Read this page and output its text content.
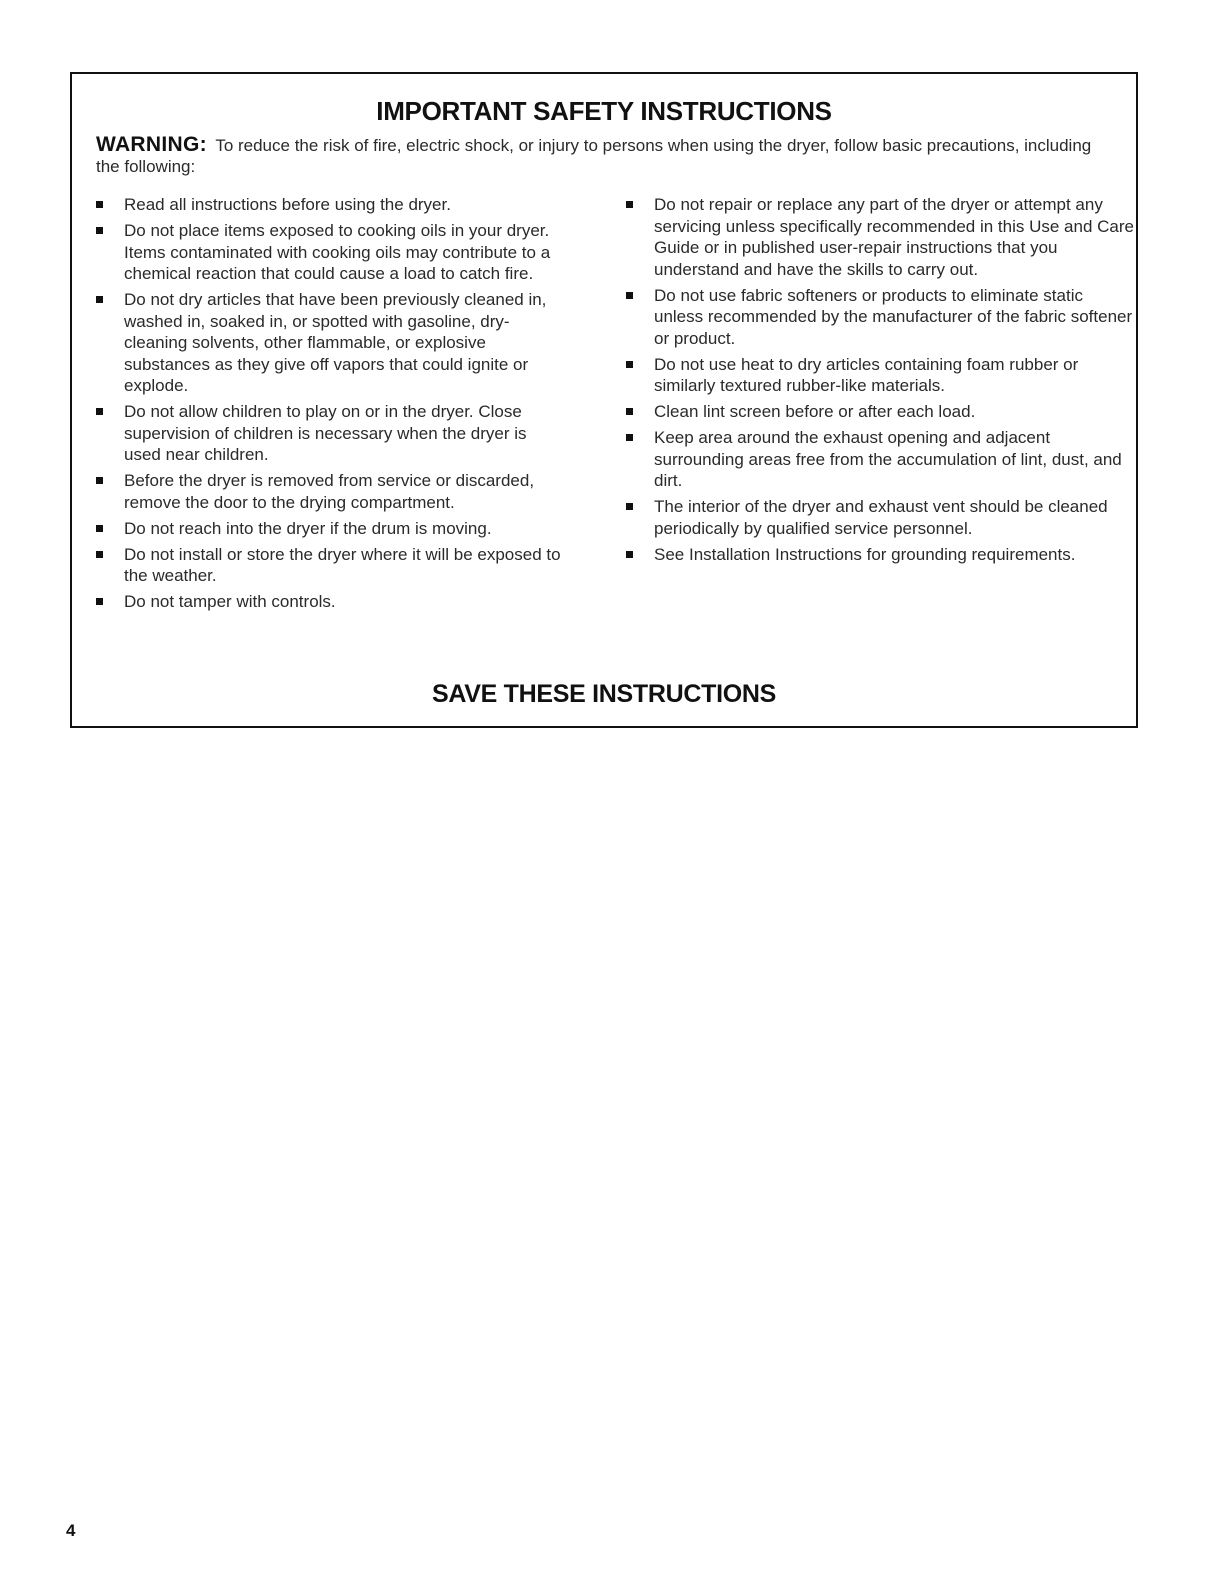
IMPORTANT SAFETY INSTRUCTIONS

WARNING: To reduce the risk of fire, electric shock, or injury to persons when using the dryer, follow basic precautions, including the following:

Read all instructions before using the dryer.
Do not place items exposed to cooking oils in your dryer. Items contaminated with cooking oils may contribute to a chemical reaction that could cause a load to catch fire.
Do not dry articles that have been previously cleaned in, washed in, soaked in, or spotted with gasoline, dry-cleaning solvents, other flammable, or explosive substances as they give off vapors that could ignite or explode.
Do not allow children to play on or in the dryer. Close supervision of children is necessary when the dryer is used near children.
Before the dryer is removed from service or discarded, remove the door to the drying compartment.
Do not reach into the dryer if the drum is moving.
Do not install or store the dryer where it will be exposed to the weather.
Do not tamper with controls.
Do not repair or replace any part of the dryer or attempt any servicing unless specifically recommended in this Use and Care Guide or in published user-repair instructions that you understand and have the skills to carry out.
Do not use fabric softeners or products to eliminate static unless recommended by the manufacturer of the fabric softener or product.
Do not use heat to dry articles containing foam rubber or similarly textured rubber-like materials.
Clean lint screen before or after each load.
Keep area around the exhaust opening and adjacent surrounding areas free from the accumulation of lint, dust, and dirt.
The interior of the dryer and exhaust vent should be cleaned periodically by qualified service personnel.
See Installation Instructions for grounding requirements.
SAVE THESE INSTRUCTIONS
4
